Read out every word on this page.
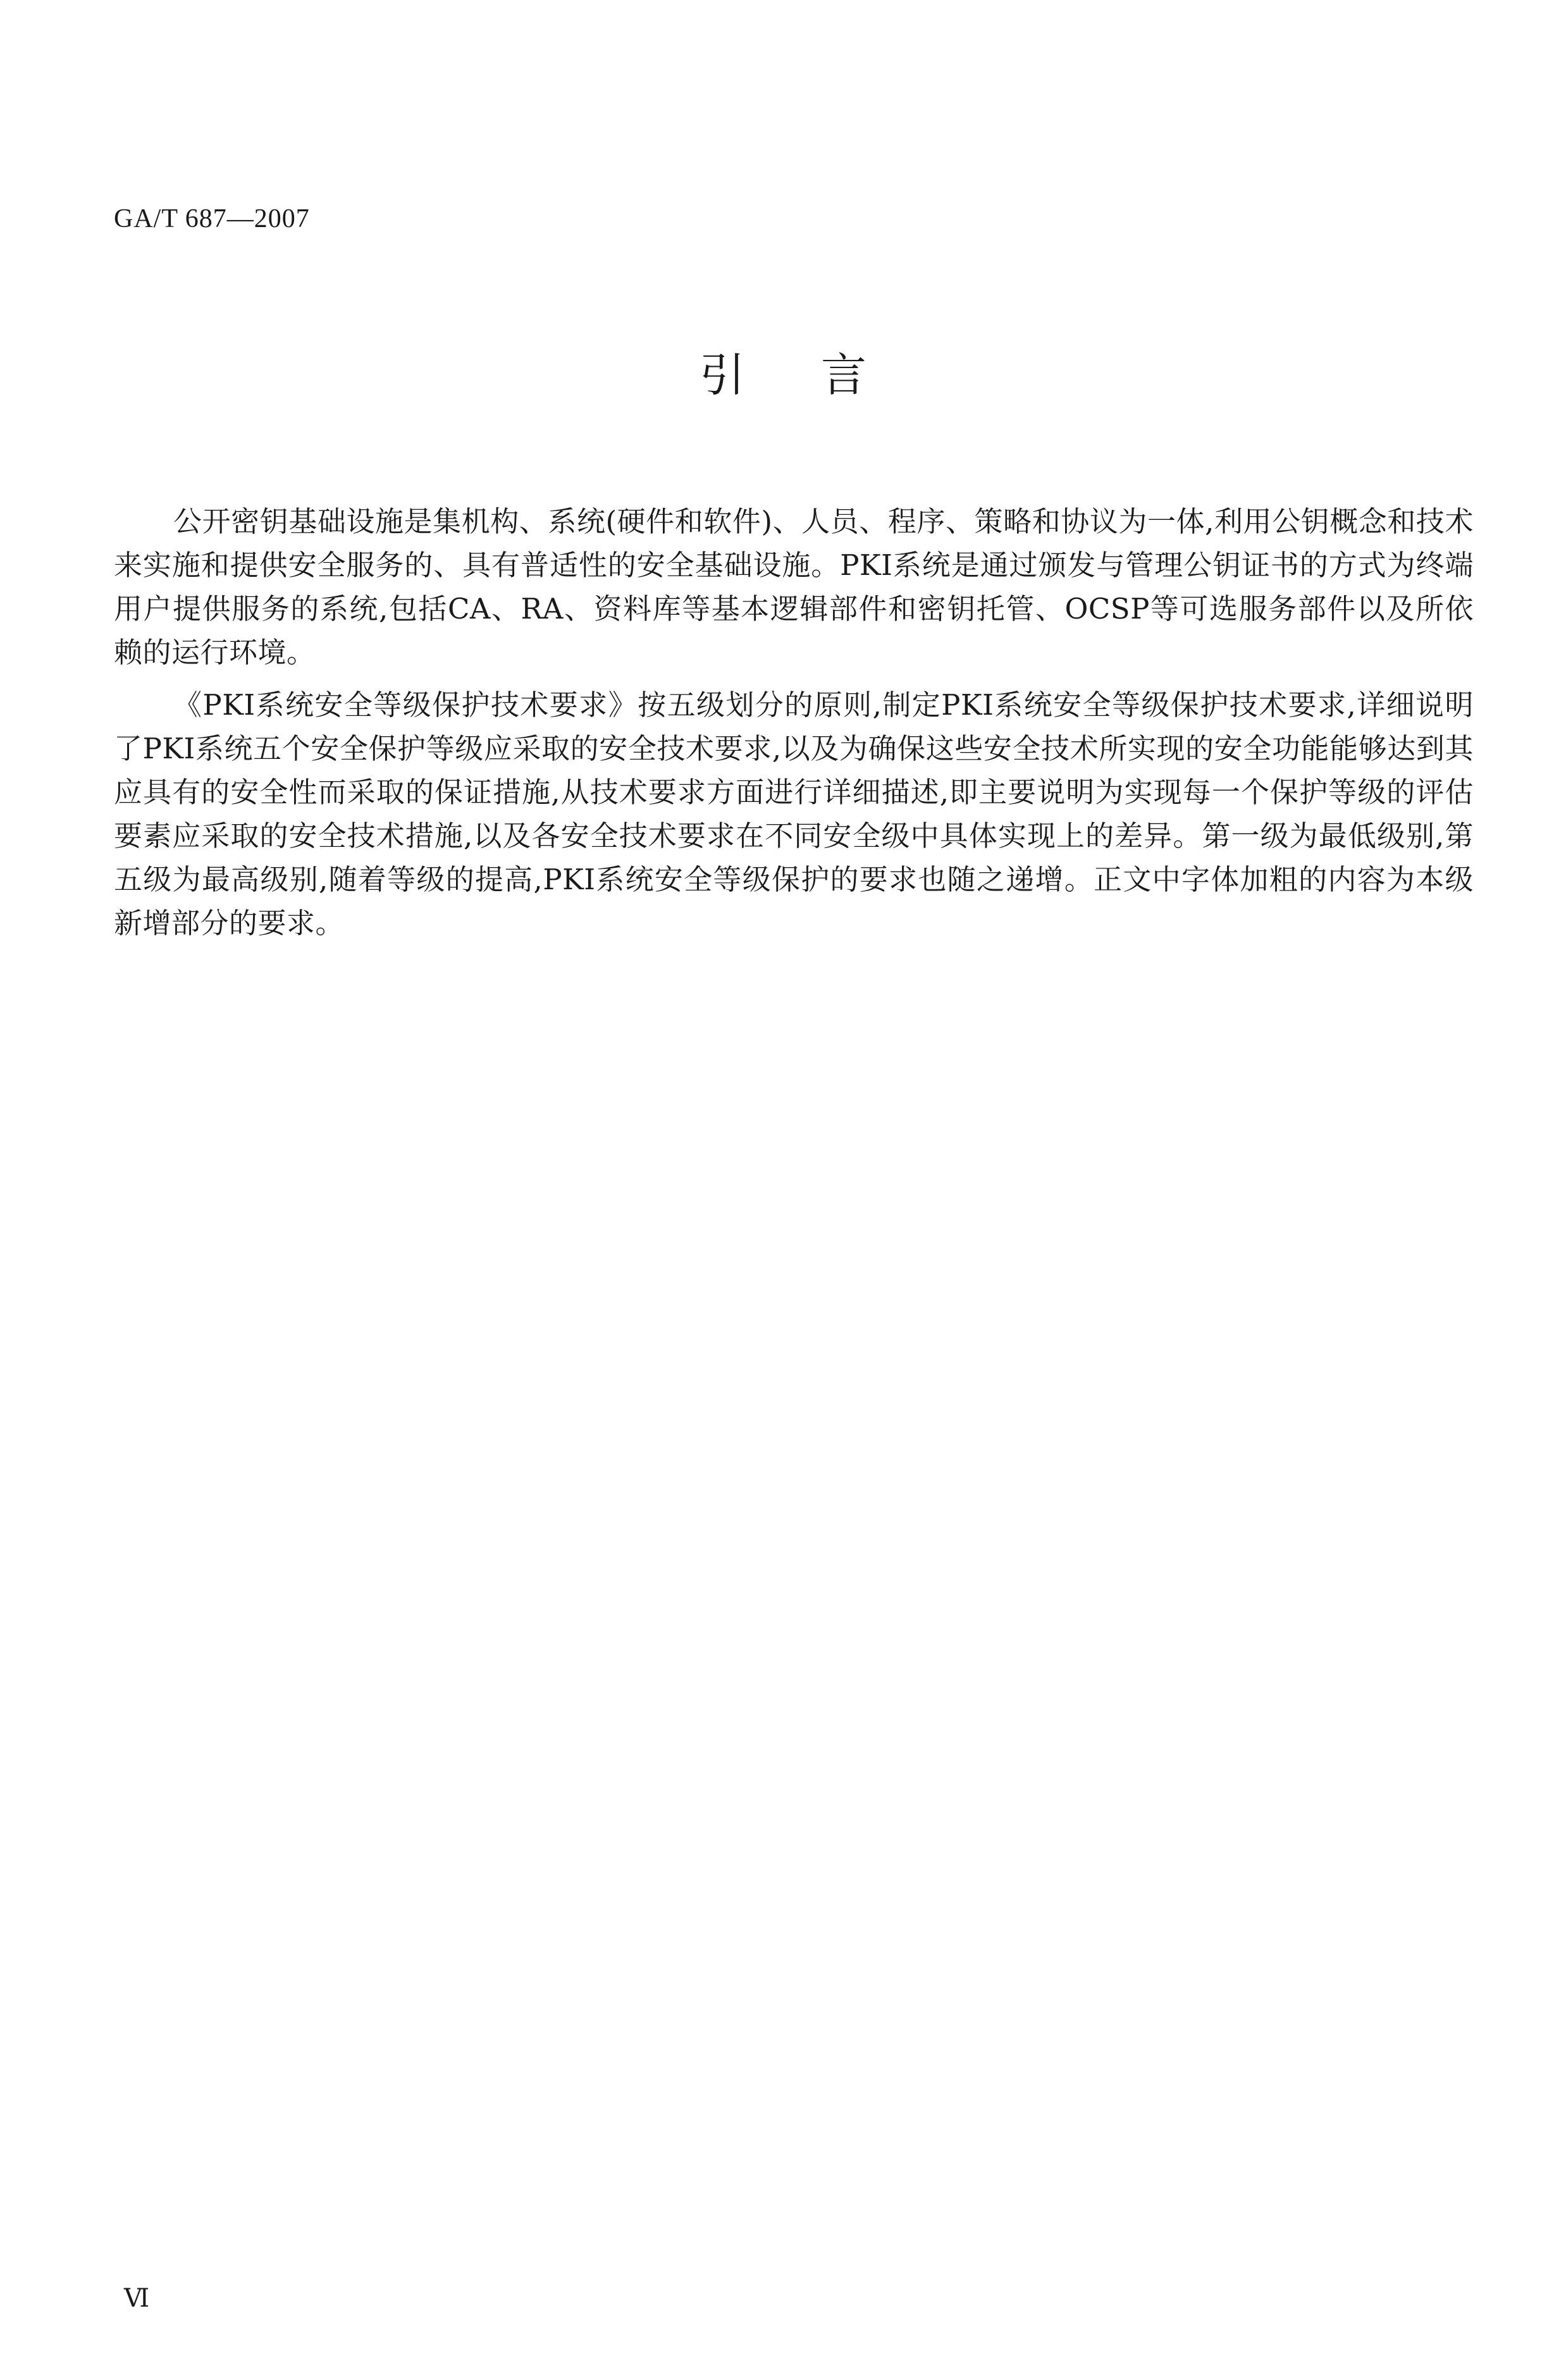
GA/T 687—2007
引言

公开密钥基础设施是集机构、系统(硬件和软件)、人员、程序、策略和协议为一体,利用公钥概念和技术来实施和提供安全服务的、具有普适性的安全基础设施。PKI系统是通过颁发与管理公钥证书的方式为终端用户提供服务的系统,包括CA、RA、资料库等基本逻辑部件和密钥托管、OCSP等可选服务部件以及所依赖的运行环境。

《PKI系统安全等级保护技术要求》按五级划分的原则,制定PKI系统安全等级保护技术要求,详细说明了PKI系统五个安全保护等级应采取的安全技术要求,以及为确保这些安全技术所实现的安全功能能够达到其应具有的安全性而采取的保证措施,从技术要求方面进行详细描述,即主要说明为实现每一个保护等级的评估要素应采取的安全技术措施,以及各安全技术要求在不同安全级中具体实现上的差异。第一级为最低级别,第五级为最高级别,随着等级的提高,PKI系统安全等级保护的要求也随之递增。正文中字体加粗的内容为本级新增部分的要求。

Ⅵ
